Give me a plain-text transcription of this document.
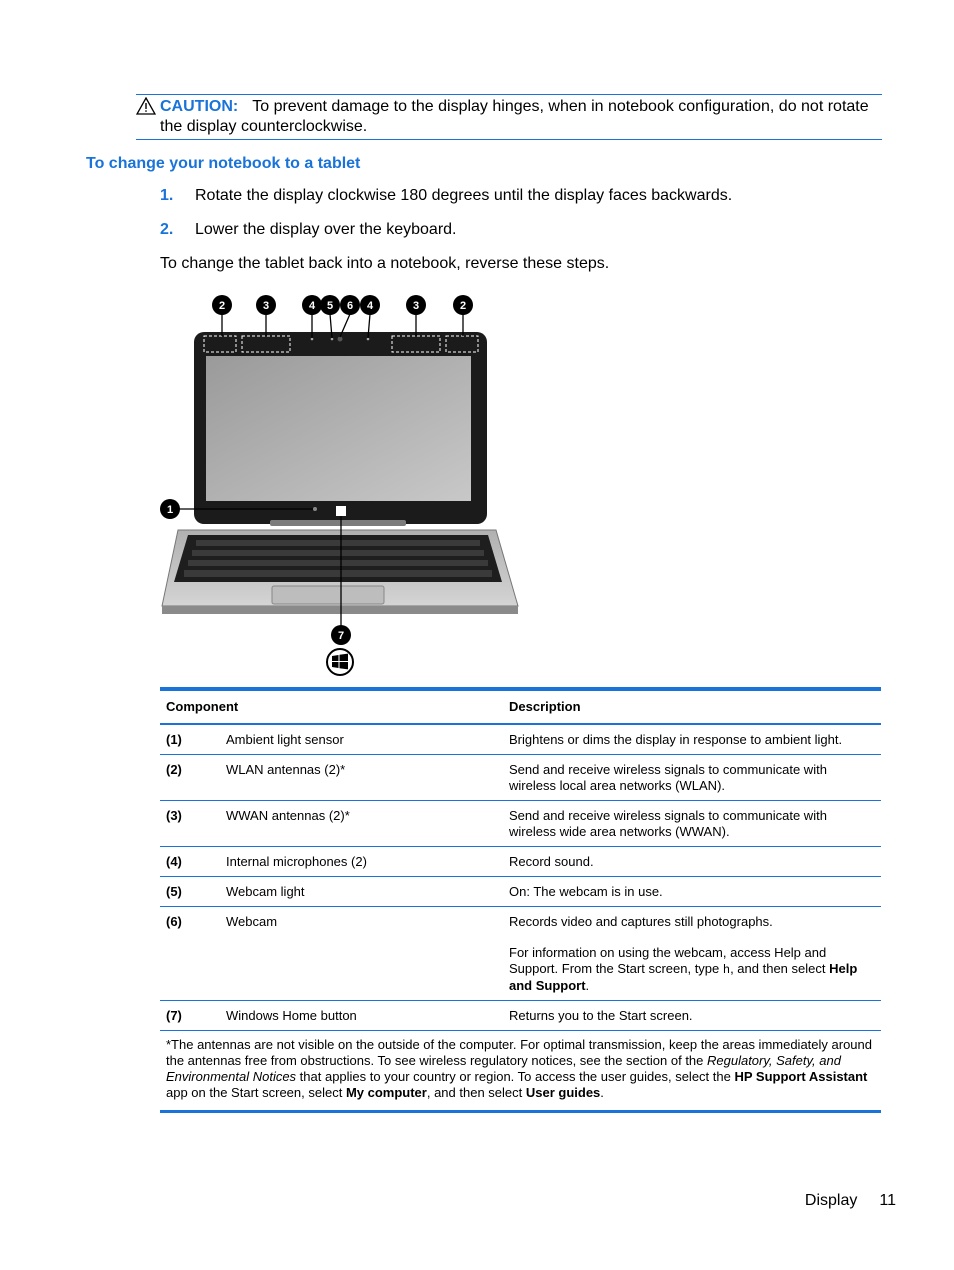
CAUTION: To prevent damage to the display hinges, when in notebook configuration, do not rotate the display counterclockwise.

To change your notebook to a tablet
1. Rotate the display clockwise 180 degrees until the display faces backwards.
2. Lower the display over the keyboard.

To change the tablet back into a notebook, reverse these steps.

2	3	4 5 6 4	3	2
1
7
Component		Description
(1)	Ambient light sensor	Brightens or dims the display in response to ambient light.
(2)	WLAN antennas (2)*	Send and receive wireless signals to communicate with wireless local area networks (WLAN).
(3)	WWAN antennas (2)*	Send and receive wireless signals to communicate with wireless wide area networks (WWAN).
(4)	Internal microphones (2)	Record sound.
(5)	Webcam light	On: The webcam is in use.
(6)	Webcam	Records video and captures still photographs.

For information on using the webcam, access Help and Support. From the Start screen, type h, and then select Help and Support.

(7)	Windows Home button	Returns you to the Start screen.
*The antennas are not visible on the outside of the computer. For optimal transmission, keep the areas immediately around the antennas free from obstructions. To see wireless regulatory notices, see the section of the Regulatory, Safety, and Environmental Notices that applies to your country or region. To access the user guides, select the HP Support Assistant app on the Start screen, select My computer, and then select User guides.		
Display 11
